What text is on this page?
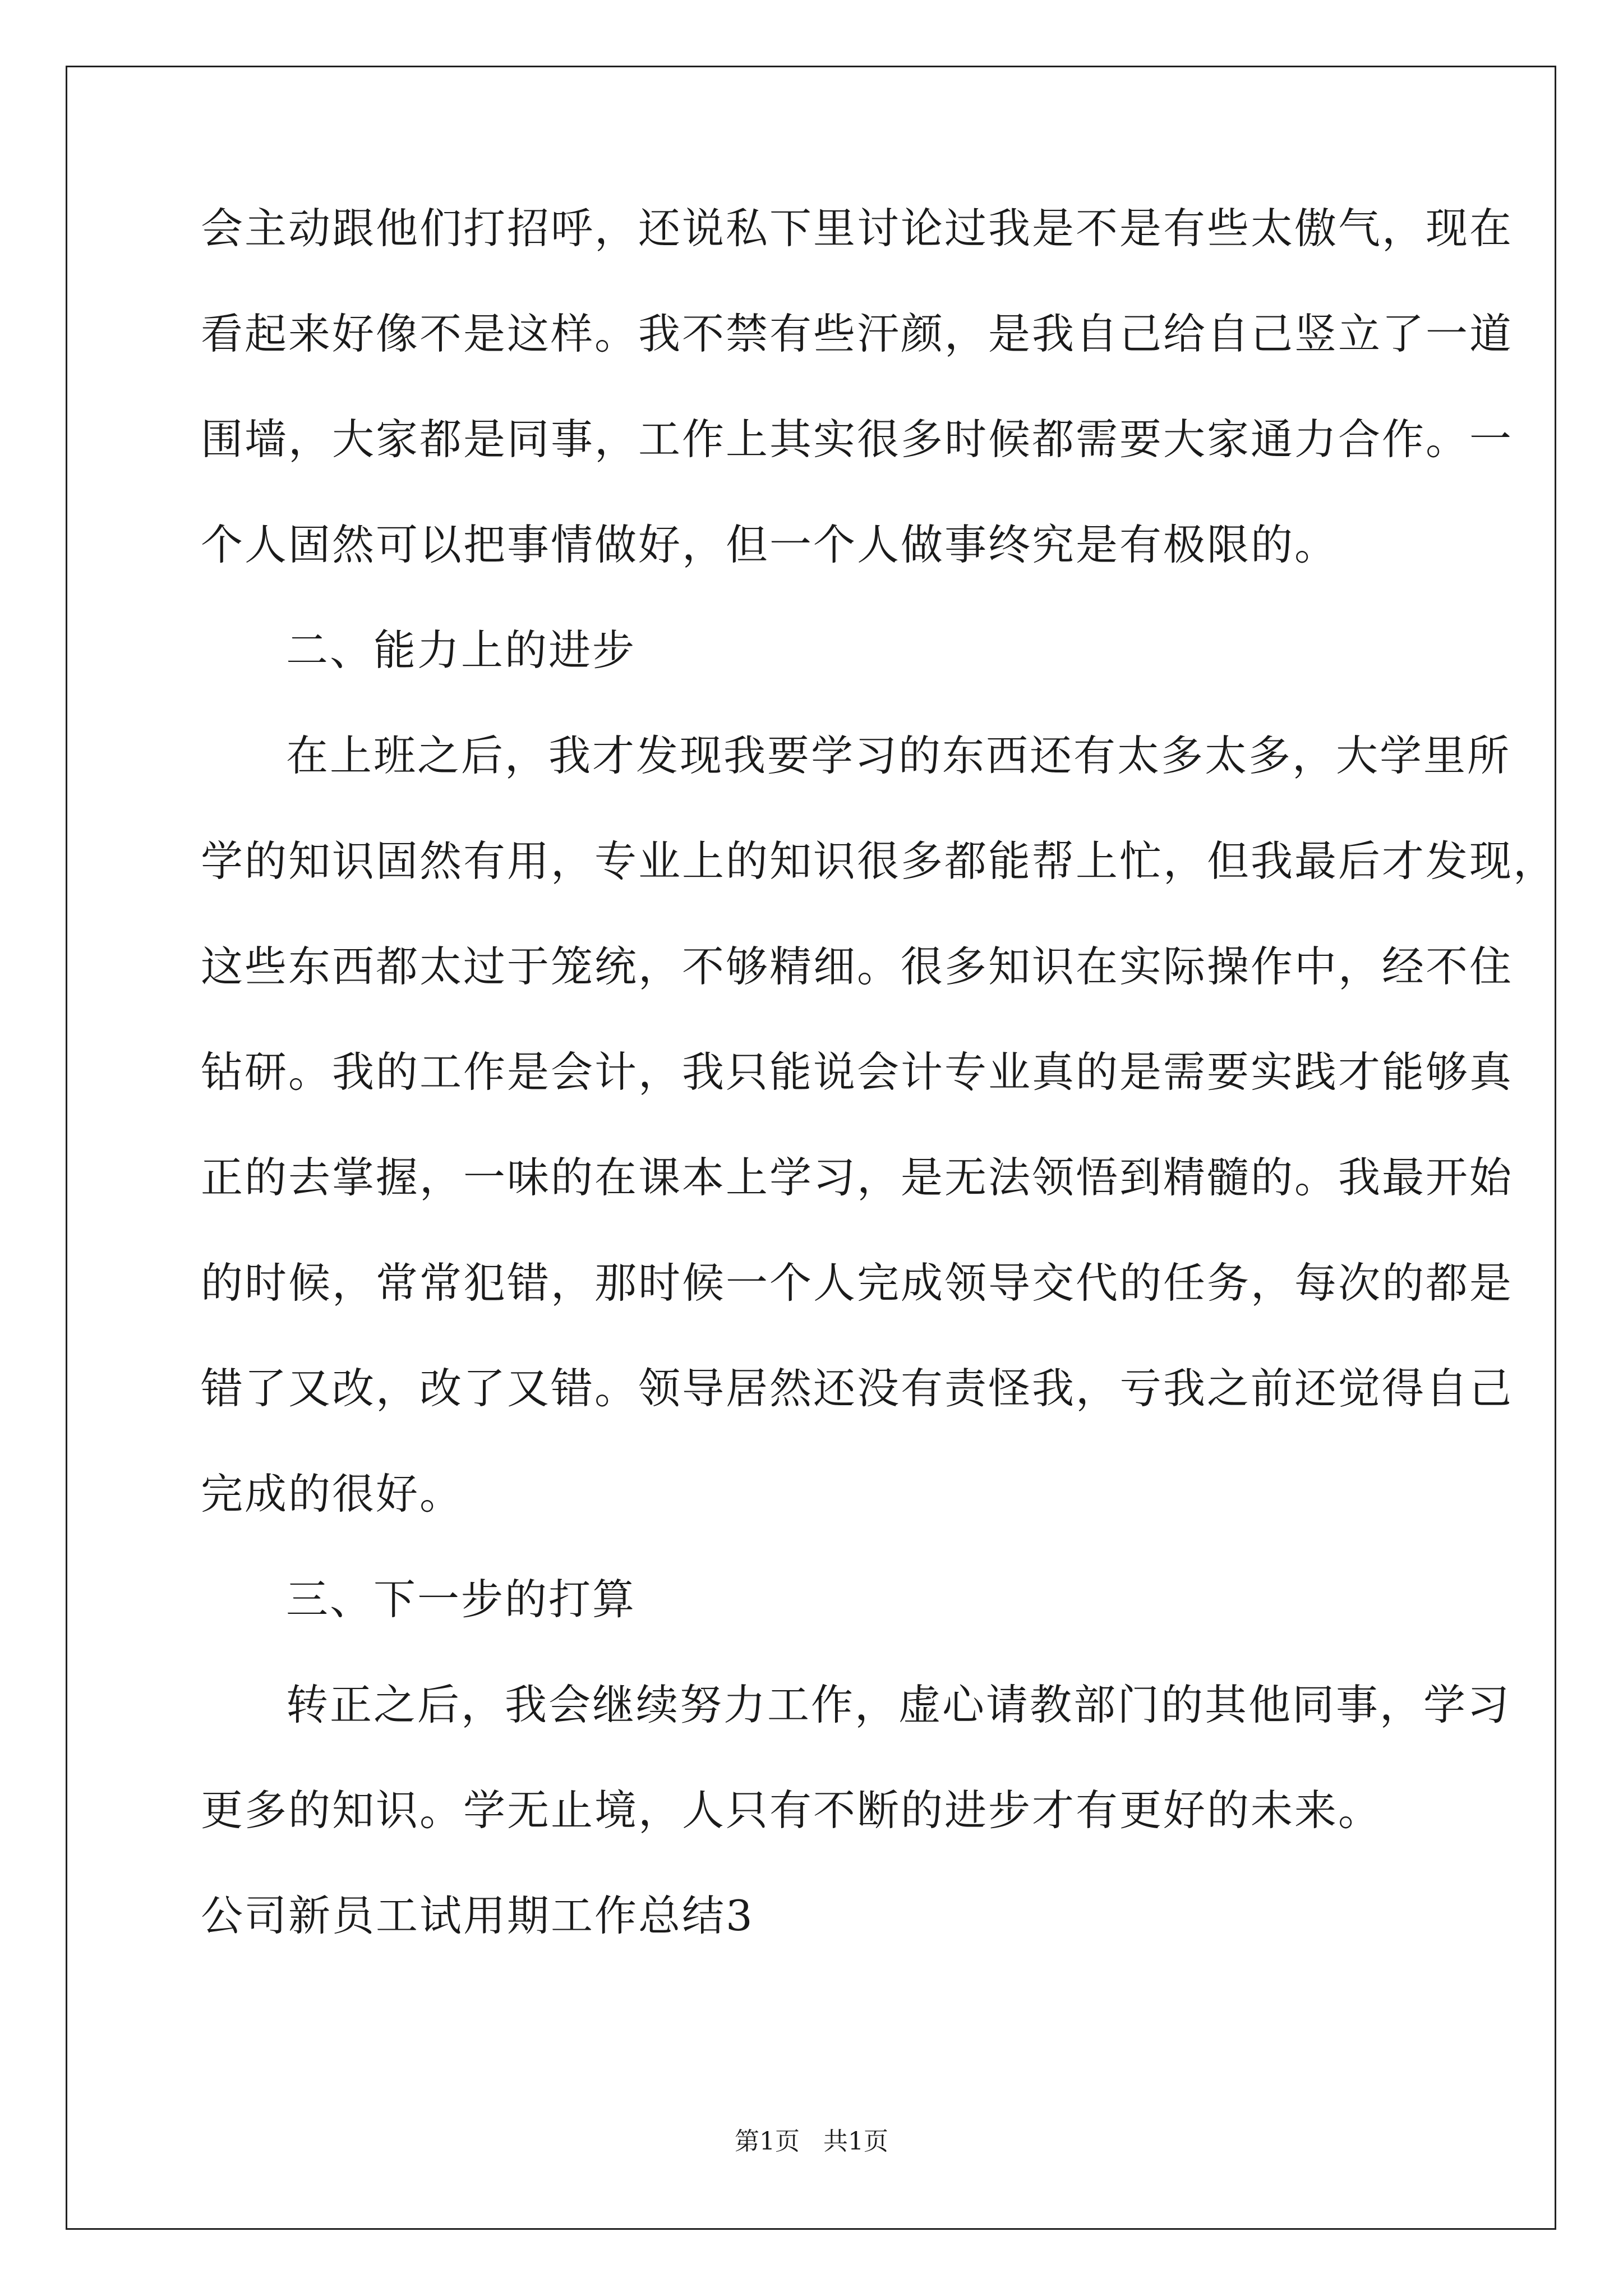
会主动跟他们打招呼，还说私下里讨论过我是不是有些太傲气，现在
看起来好像不是这样。我不禁有些汗颜，是我自己给自己竖立了一道
围墙，大家都是同事，工作上其实很多时候都需要大家通力合作。一
个人固然可以把事情做好，但一个人做事终究是有极限的。
二、能力上的进步
在上班之后，我才发现我要学习的东西还有太多太多，大学里所
学的知识固然有用，专业上的知识很多都能帮上忙，但我最后才发现，
这些东西都太过于笼统，不够精细。很多知识在实际操作中，经不住
钻研。我的工作是会计，我只能说会计专业真的是需要实践才能够真
正的去掌握，一味的在课本上学习，是无法领悟到精髓的。我最开始
的时候，常常犯错，那时候一个人完成领导交代的任务，每次的都是
错了又改，改了又错。领导居然还没有责怪我，亏我之前还觉得自己
完成的很好。
三、下一步的打算
转正之后，我会继续努力工作，虚心请教部门的其他同事，学习
更多的知识。学无止境，人只有不断的进步才有更好的未来。
公司新员工试用期工作总结3
第1页   共1页
